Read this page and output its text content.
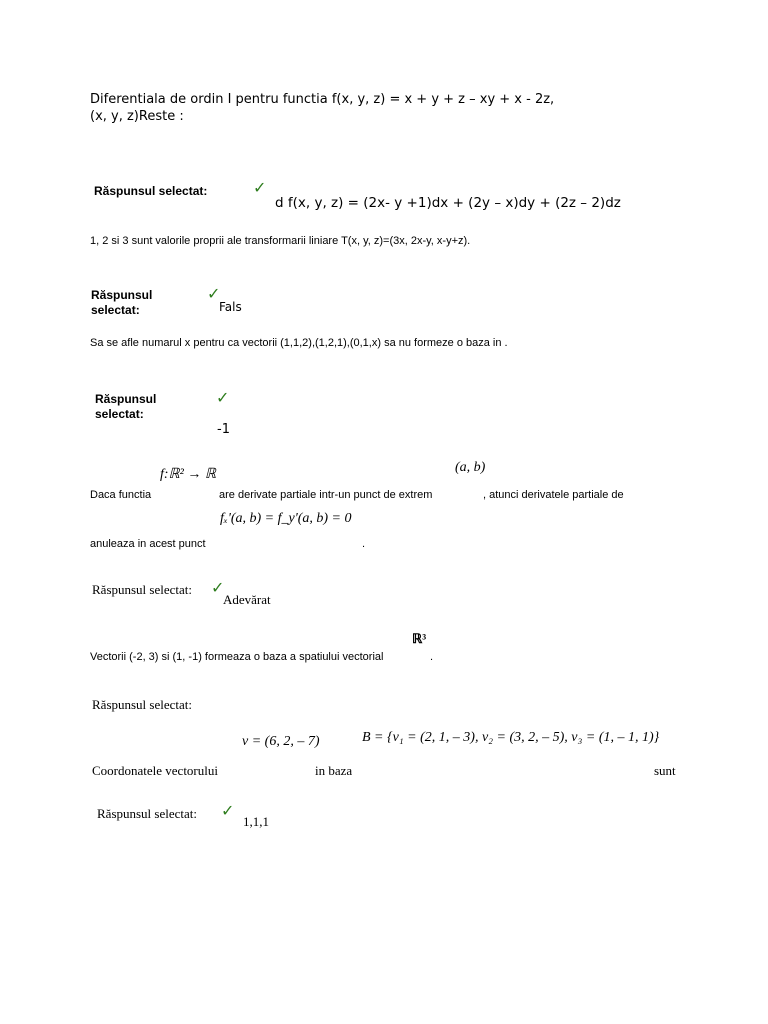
Diferentiala de ordin I pentru functia f(x, y, z) = x + y + z – xy + x - 2z,
(x, y, z)Reste :
Răspunsul selectat:	✓
d f(x, y, z) = (2x- y +1)dx + (2y – x)dy + (2z – 2)dz
1, 2 si 3 sunt valorile proprii ale transformarii liniare T(x, y, z)=(3x, 2x-y, x-y+z).
Răspunsul
selectat:
✓
Fals
Sa se afle numarul x pentru ca vectorii (1,1,2),(1,2,1),(0,1,x) sa nu formeze o baza in .
Răspunsul
selectat:
✓
-1
f:ℝ² → ℝ	(a, b)
Daca functia	are derivate partiale intr-un punct de extrem	, atunci derivatele partiale de
fₓ'(a, b) = f_y'(a, b) = 0
anuleaza in acest punct	.
Răspunsul selectat: ✓
Adevărat
ℝ³
Vectorii (-2, 3) si (1, -1) formeaza o baza a spatiului vectorial	.
Răspunsul selectat:
v = (6, 2, – 7)	B = {v₁ = (2, 1, – 3), v₂ = (3, 2, – 5), v₃ = (1, – 1, 1)}
Coordonatele vectorului	in baza	sunt
Răspunsul selectat: ✓
1,1,1
